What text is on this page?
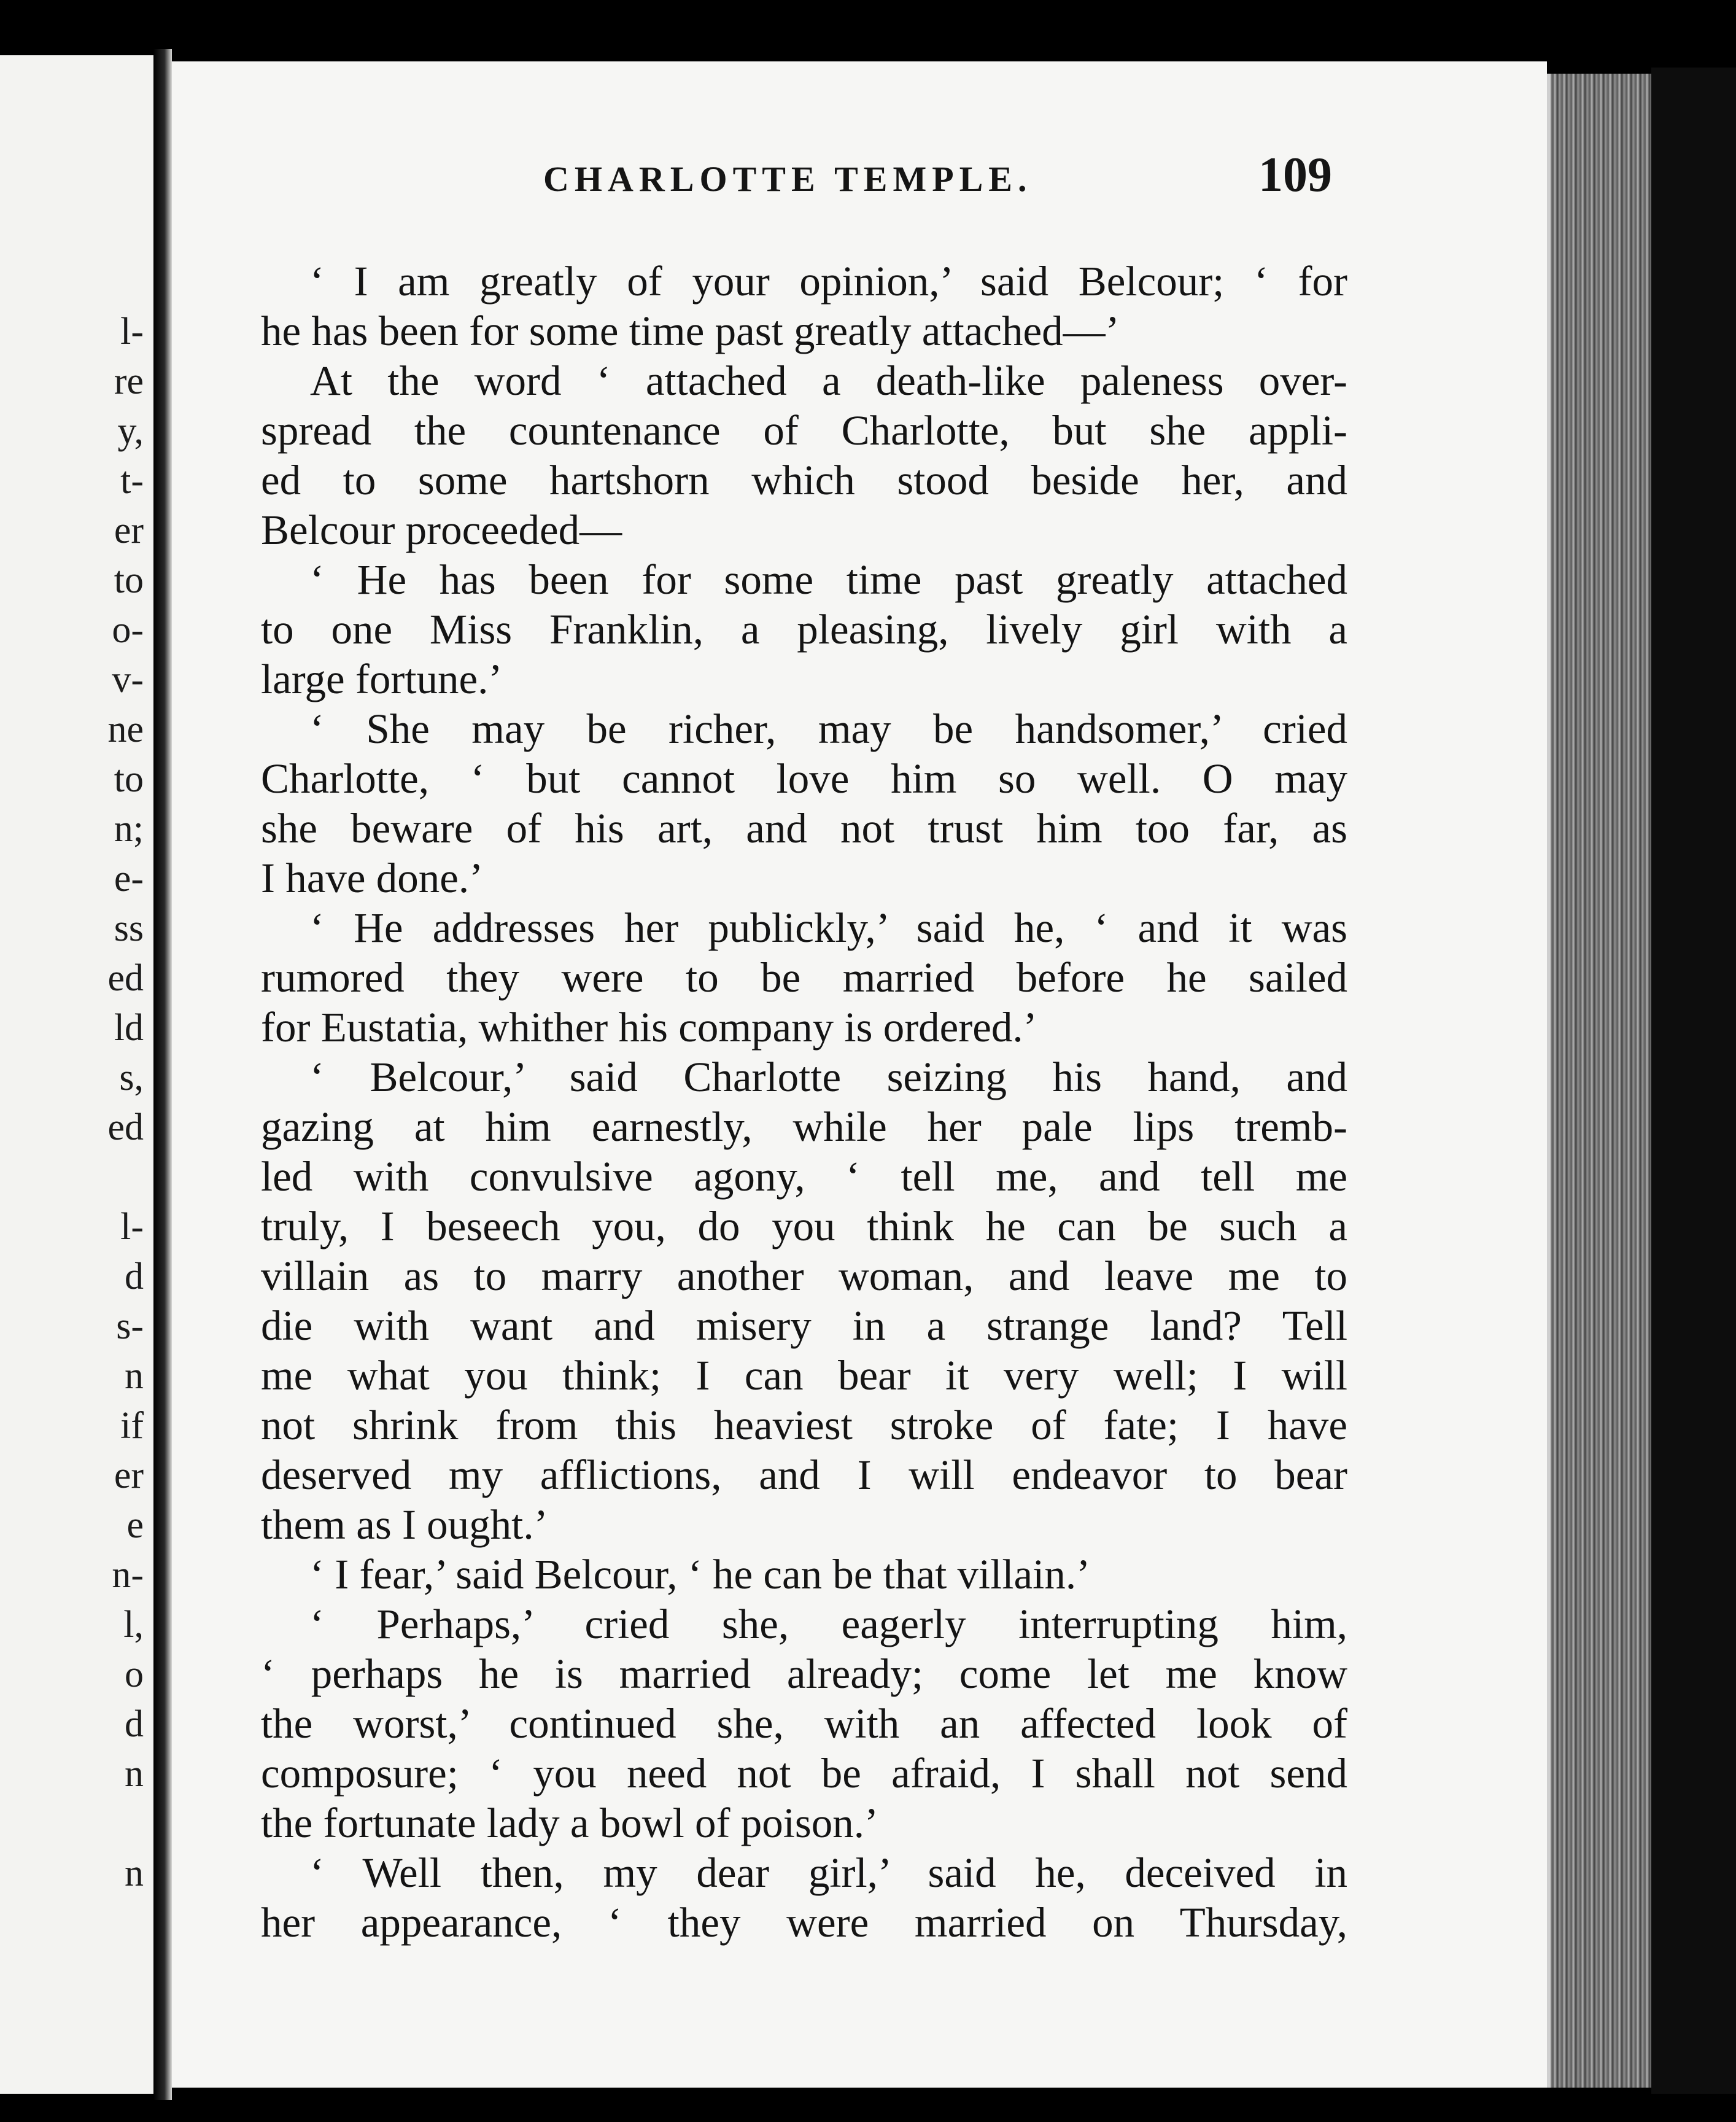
l-
re
y,
t-
er
to
o-
v-
ne
to
n;
e-
ss
ed
ld
s,
ed
l-
d
s-
n
if
er
e
n-
l,
o
d
n
n
CHARLOTTE TEMPLE.	109
‘ I am greatly of your opinion,’ said Belcour; ‘ for
he has been for some time past greatly attached—’
At the word ‘ attached a death-like paleness over-
spread the countenance of Charlotte, but she appli-
ed to some hartshorn which stood beside her, and
Belcour proceeded—
‘ He has been for some time past greatly attached
to one Miss Franklin, a pleasing, lively girl with a
large fortune.’
‘ She may be richer, may be handsomer,’ cried
Charlotte, ‘ but cannot love him so well. O may
she beware of his art, and not trust him too far, as
I have done.’
‘ He addresses her publickly,’ said he, ‘ and it was
rumored they were to be married before he sailed
for Eustatia, whither his company is ordered.’
‘ Belcour,’ said Charlotte seizing his hand, and
gazing at him earnestly, while her pale lips tremb-
led with convulsive agony, ‘ tell me, and tell me
truly, I beseech you, do you think he can be such a
villain as to marry another woman, and leave me to
die with want and misery in a strange land? Tell
me what you think; I can bear it very well; I will
not shrink from this heaviest stroke of fate; I have
deserved my afflictions, and I will endeavor to bear
them as I ought.’
‘ I fear,’ said Belcour, ‘ he can be that villain.’
‘ Perhaps,’ cried she, eagerly interrupting him,
‘ perhaps he is married already; come let me know
the worst,’ continued she, with an affected look of
composure; ‘ you need not be afraid, I shall not send
the fortunate lady a bowl of poison.’
‘ Well then, my dear girl,’ said he, deceived in
her appearance, ‘ they were married on Thursday,
